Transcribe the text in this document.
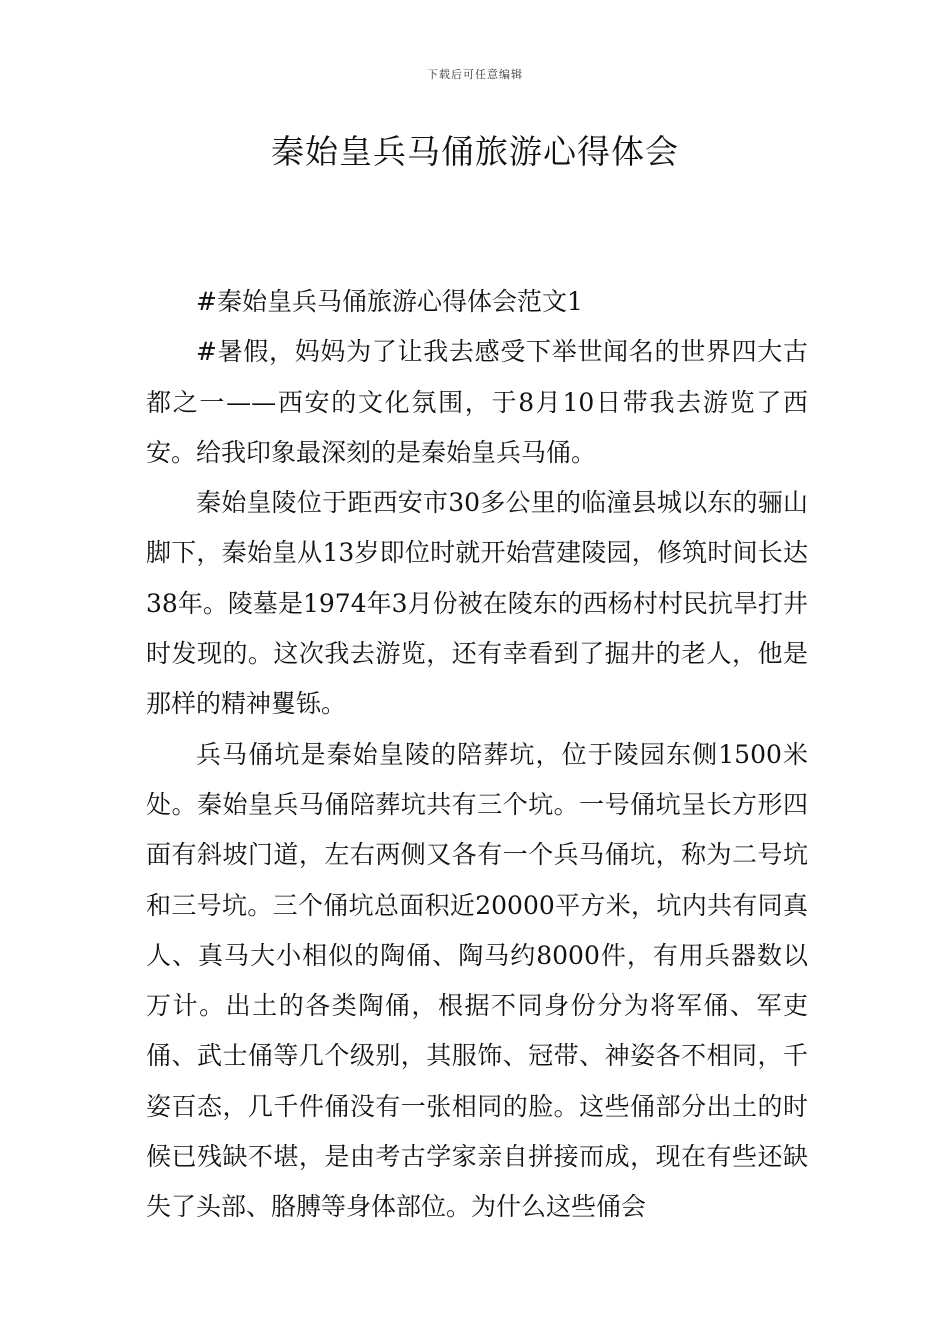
下载后可任意编辑
秦始皇兵马俑旅游心得体会

#秦始皇兵马俑旅游心得体会范文1

#暑假，妈妈为了让我去感受下举世闻名的世界四大古都之一——西安的文化氛围，于8月10日带我去游览了西安。给我印象最深刻的是秦始皇兵马俑。

秦始皇陵位于距西安市30多公里的临潼县城以东的骊山脚下，秦始皇从13岁即位时就开始营建陵园，修筑时间长达38年。陵墓是1974年3月份被在陵东的西杨村村民抗旱打井时发现的。这次我去游览，还有幸看到了掘井的老人，他是那样的精神矍铄。

兵马俑坑是秦始皇陵的陪葬坑，位于陵园东侧1500米处。秦始皇兵马俑陪葬坑共有三个坑。一号俑坑呈长方形四面有斜坡门道，左右两侧又各有一个兵马俑坑，称为二号坑和三号坑。三个俑坑总面积近20000平方米，坑内共有同真人、真马大小相似的陶俑、陶马约8000件，有用兵器数以万计。出土的各类陶俑，根据不同身份分为将军俑、军吏俑、武士俑等几个级别，其服饰、冠带、神姿各不相同，千姿百态，几千件俑没有一张相同的脸。这些俑部分出土的时候已残缺不堪，是由考古学家亲自拼接而成，现在有些还缺失了头部、胳膊等身体部位。为什么这些俑会
